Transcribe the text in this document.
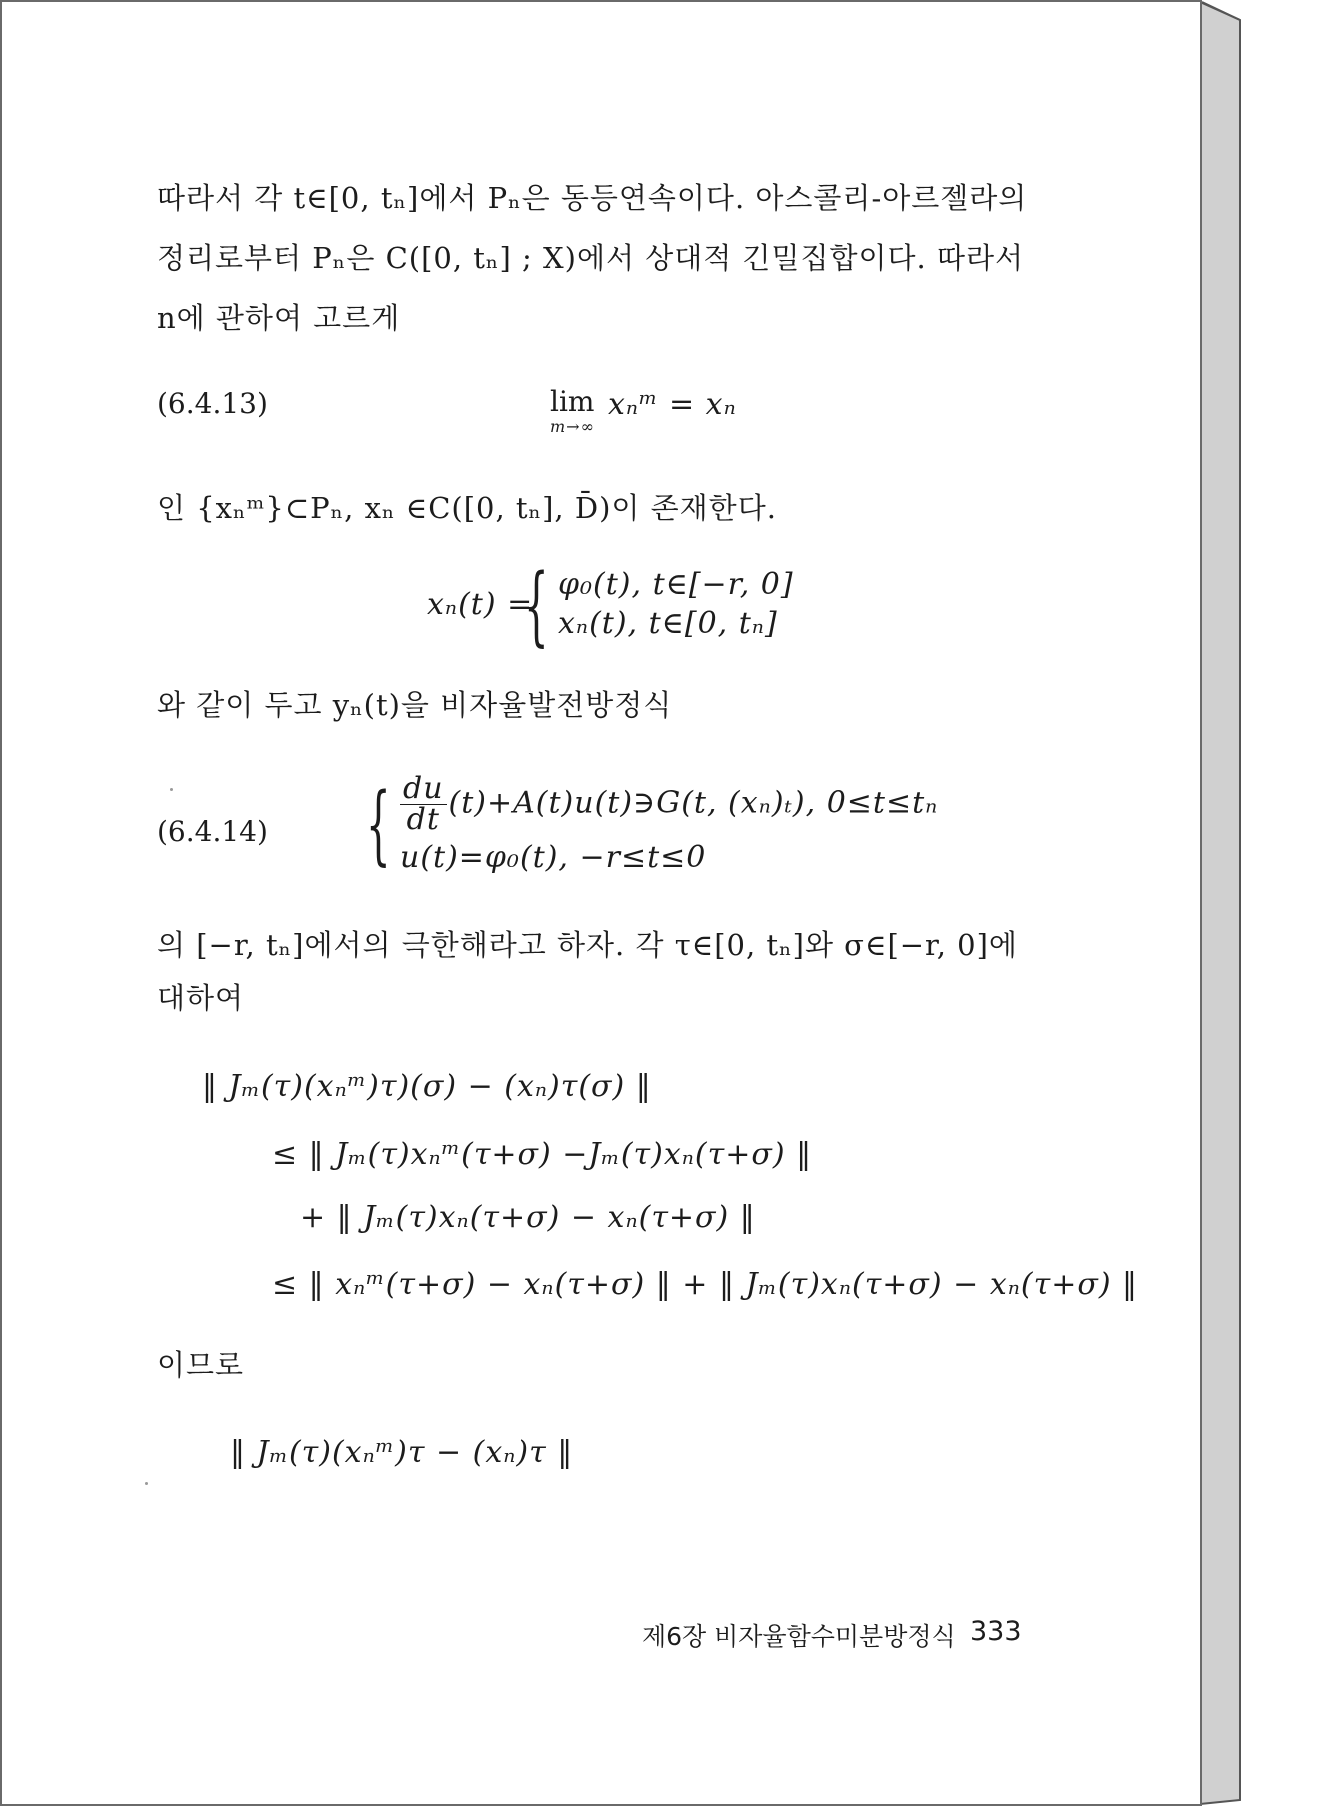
따라서 각 t∈[0, tₙ]에서 Pₙ은 동등연속이다. 아스콜리-아르젤라의
정리로부터 Pₙ은 C([0, tₙ] ; X)에서 상대적 긴밀집합이다. 따라서
n에 관하여 고르게
(6.4.13)	lim
m→∞
xₙᵐ = xₙ
인 {xₙᵐ}⊂Pₙ, xₙ ∈C([0, tₙ], D̄)이 존재한다.
xₙ(t) =
{ φ₀(t), t∈[−r, 0]
xₙ(t), t∈[0, tₙ]
와 같이 두고 yₙ(t)을 비자율발전방정식
(6.4.14) { $\frac{du}{dt}$ (t)+A(t)u(t)∋G(t, (xₙ)ₜ), 0≤t≤tₙ
u(t)=φ₀(t), −r≤t≤0
의 [−r, tₙ]에서의 극한해라고 하자. 각 τ∈[0, tₙ]와 σ∈[−r, 0]에
대하여
‖ Jₘ(τ)(xₙᵐ)τ)(σ) − (xₙ)τ(σ) ‖
≤ ‖ Jₘ(τ)xₙᵐ(τ+σ) −Jₘ(τ)xₙ(τ+σ) ‖
+ ‖ Jₘ(τ)xₙ(τ+σ) − xₙ(τ+σ) ‖
≤ ‖ xₙᵐ(τ+σ) − xₙ(τ+σ) ‖ + ‖ Jₘ(τ)xₙ(τ+σ) − xₙ(τ+σ) ‖
이므로
‖ Jₘ(τ)(xₙᵐ)τ − (xₙ)τ ‖
제6장 비자율함수미분방정식 333
